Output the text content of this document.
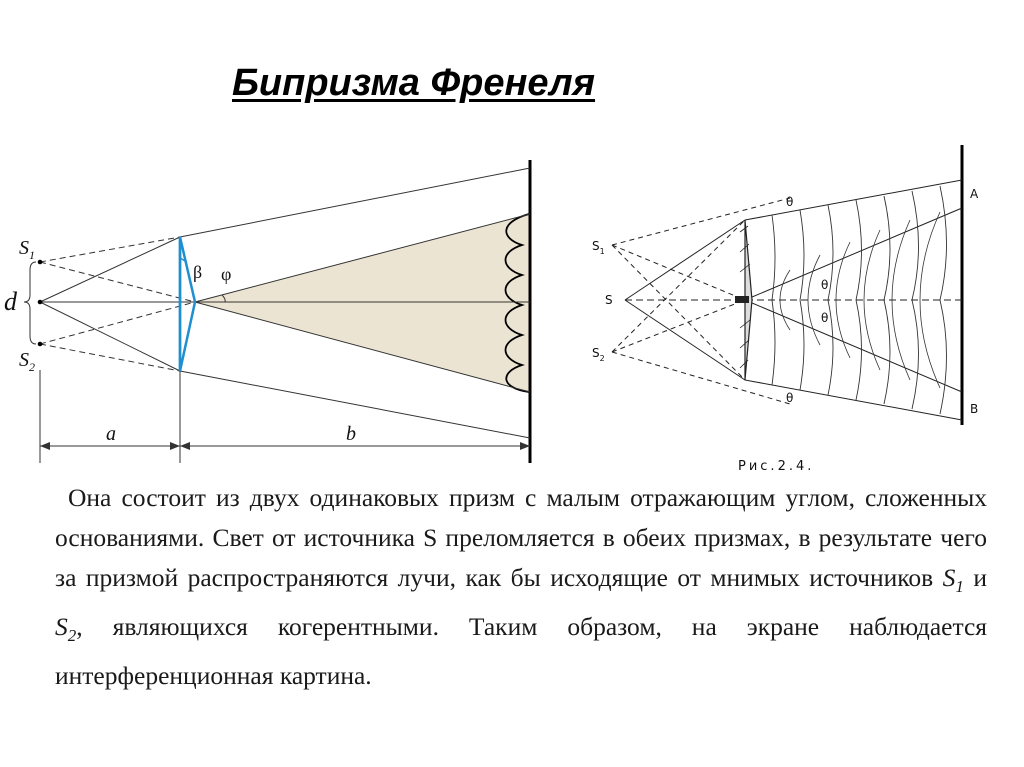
Бипризма Френеля
β φ
$S_1$
$S_2$
d
a	b
θ
θ
θ
θ
$S_1$
S
$S_2$
A
B
Рис.2.4.
Она состоит из двух одинаковых призм с малым отражающим углом, сложенных основаниями. Свет от источника S преломляется в обеих призмах, в результате чего за призмой распространяются лучи, как бы исходящие от мнимых источников $S_1$ и $S_2$, являющихся когерентными. Таким образом, на экране наблюдается интерференционная картина.
